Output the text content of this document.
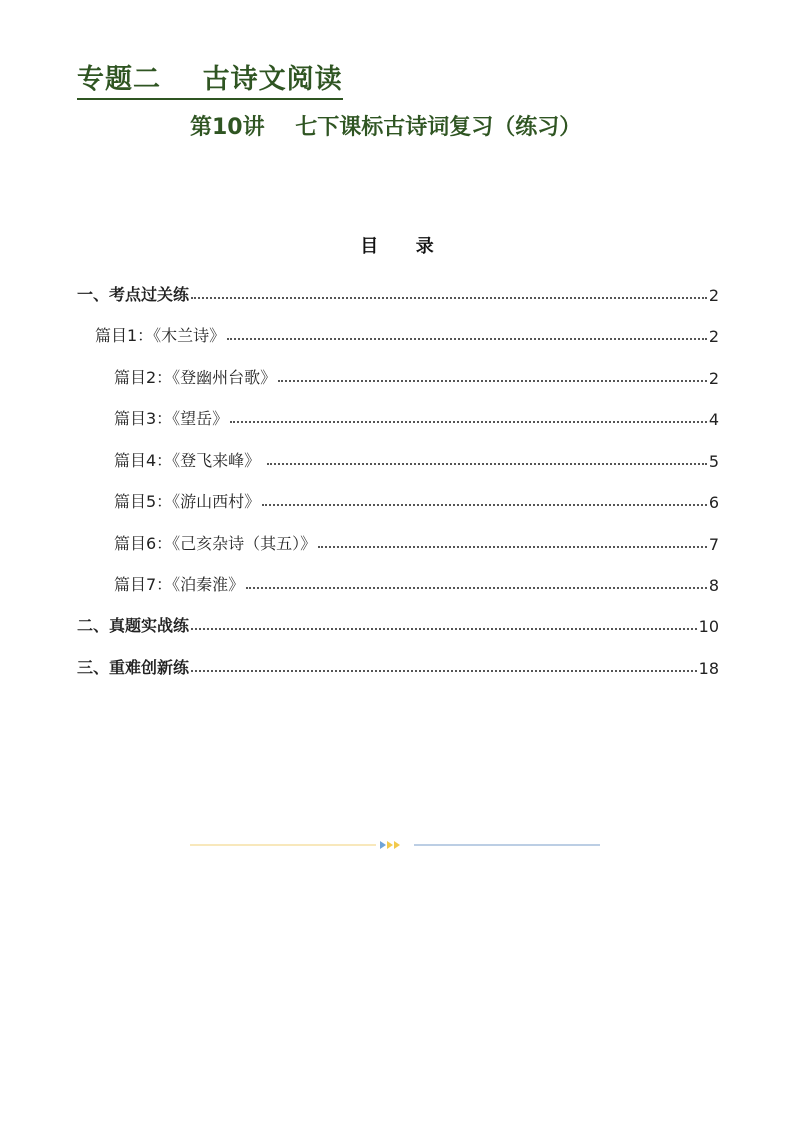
专题二    古诗文阅读
第10讲    七下课标古诗词复习（练习）
目      录
一、考点过关练	2
篇目1：《木兰诗》	2
篇目2：《登幽州台歌》	2
篇目3：《望岳》	4
篇目4：《登飞来峰》	5
篇目5：《游山西村》	6
篇目6：《己亥杂诗（其五）》	7
篇目7：《泊秦淮》	8
二、真题实战练	10
三、重难创新练	18
